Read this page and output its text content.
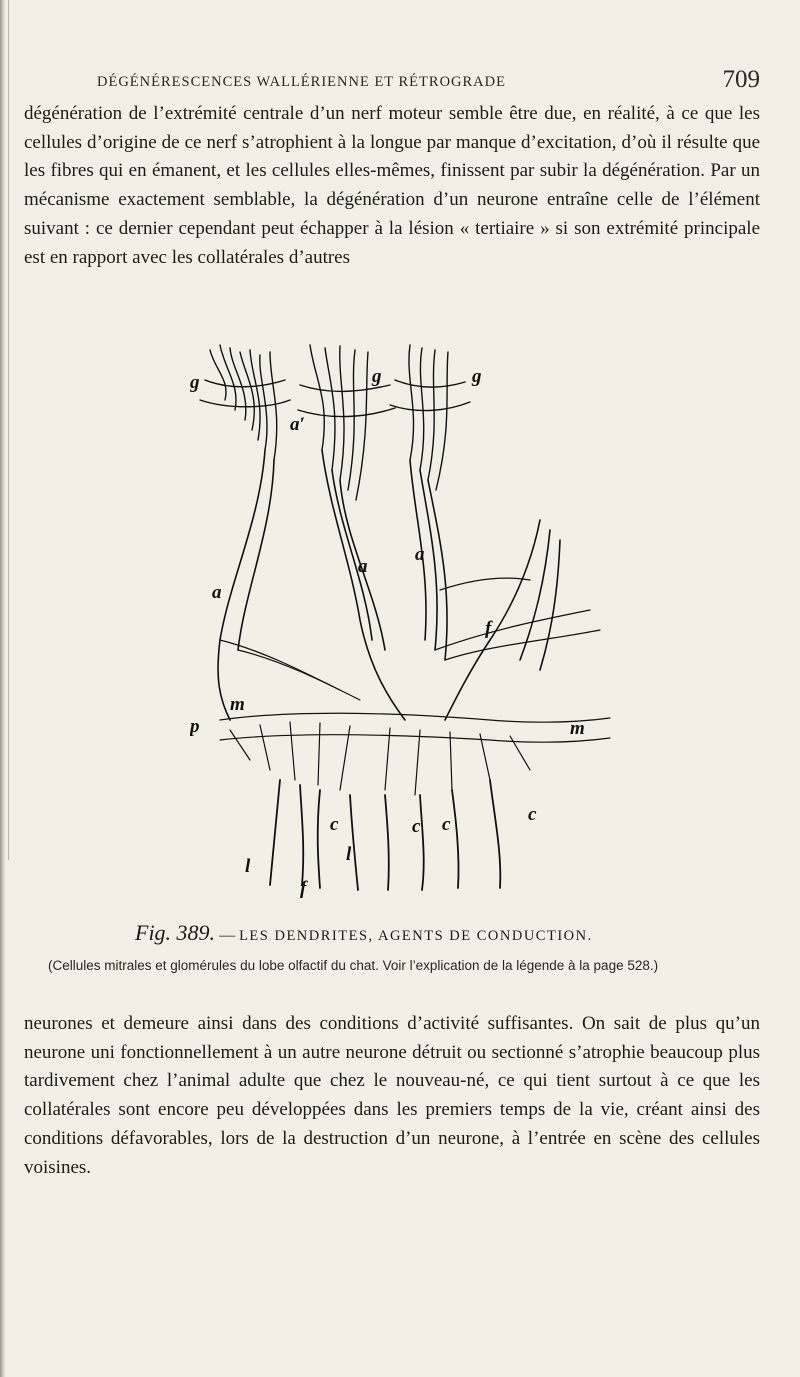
DÉGÉNÉRESCENCES WALLÉRIENNE ET RÉTROGRADE	709

dégénération de l’extrémité centrale d’un nerf moteur semble être due, en réalité, à ce que les cellules d’origine de ce nerf s’atrophient à la longue par manque d’excitation, d’où il résulte que les fibres qui en émanent, et les cellules elles-mêmes, finissent par subir la dégénération. Par un mécanisme exactement semblable, la dégénération d’un neurone entraîne celle de l’élément suivant : ce dernier cependant peut échapper à la lésion « tertiaire » si son extrémité principale est en rapport avec les collatérales d’autres

g
a′
g	g
a
a
a
f
p
m
m
c	c c	c
l
l
f
Fig. 389. — LES DENDRITES, AGENTS DE CONDUCTION.

(Cellules mitrales et glomérules du lobe olfactif du chat. Voir l’explication de la légende à la page 528.)

neurones et demeure ainsi dans des conditions d’activité suffisantes. On sait de plus qu’un neurone uni fonctionnellement à un autre neurone détruit ou sectionné s’atrophie beaucoup plus tardivement chez l’animal adulte que chez le nouveau-né, ce qui tient surtout à ce que les collatérales sont encore peu développées dans les premiers temps de la vie, créant ainsi des conditions défavorables, lors de la destruction d’un neurone, à l’entrée en scène des cellules voisines.
